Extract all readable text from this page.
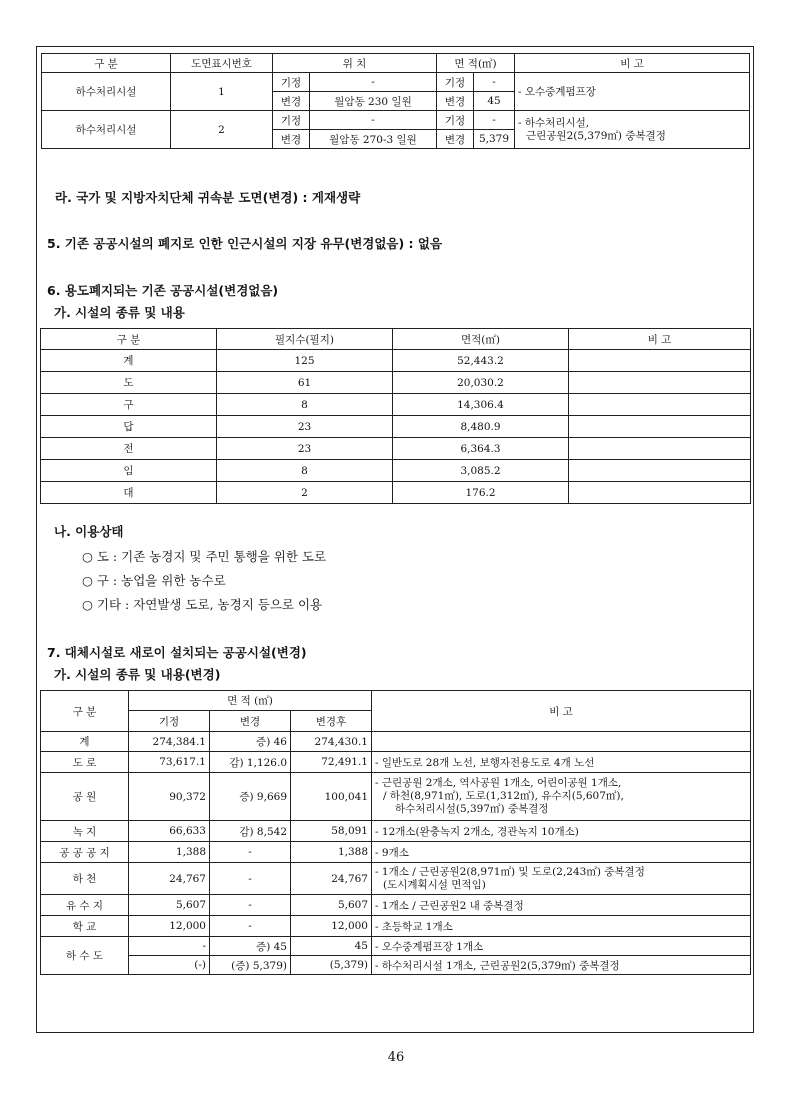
구 분	도면표시번호	위 치		면 적(㎡)		비 고
하수처리시설	1	기정	-	기정	-	- 오수중계펌프장
		변경	월암동 230 일원	변경	45	
하수처리시설	2	기정	-	기정	-	- 하수처리시설,
근린공원2(5,379㎡) 중복결정

		변경	월암동 270-3 일원	변경	5,379	
라. 국가 및 지방자치단체 귀속분 도면(변경) : 게재생략
5. 기존 공공시설의 폐지로 인한 인근시설의 지장 유무(변경없음) : 없음
6. 용도폐지되는 기존 공공시설(변경없음)
가. 시설의 종류 및 내용
구 분	필지수(필지)	면적(㎡)	비 고
계	125	52,443.2	
도	61	20,030.2	
구	8	14,306.4	
답	23	8,480.9	
전	23	6,364.3	
임	8	3,085.2	
대	2	176.2	
나. 이용상태
○ 도 : 기존 농경지 및 주민 통행을 위한 도로
○ 구 : 농업을 위한 농수로
○ 기타 : 자연발생 도로, 농경지 등으로 이용
7. 대체시설로 새로이 설치되는 공공시설(변경)
가. 시설의 종류 및 내용(변경)
구 분	면 적 (㎡)			비 고
	기정	변경	변경후	
계	274,384.1	증) 46	274,430.1	
도 로	73,617.1	감) 1,126.0	72,491.1	- 일반도로 28개 노선, 보행자전용도로 4개 노선
공 원	90,372	증) 9,669	100,041	- 근린공원 2개소, 역사공원 1개소, 어린이공원 1개소,
/ 하천(8,971㎡), 도로(1,312㎡), 유수지(5,607㎡),
하수처리시설(5,397㎡) 중복결정

녹 지	66,633	감) 8,542	58,091	- 12개소(완충녹지 2개소, 경관녹지 10개소)
공 공 공 지	1,388	-	1,388	- 9개소
하 천	24,767	-	24,767	- 1개소 / 근린공원2(8,971㎡) 및 도로(2,243㎡) 중복결정
(도시계획시설 면적임)

유 수 지	5,607	-	5,607	- 1개소 / 근린공원2 내 중복결정
학 교	12,000	-	12,000	- 초등학교 1개소
하 수 도	-	증) 45	45	- 오수중계펌프장 1개소
	(-)	(증) 5,379)	(5,379)	- 하수처리시설 1개소, 근린공원2(5,379㎡) 중복결정
46
